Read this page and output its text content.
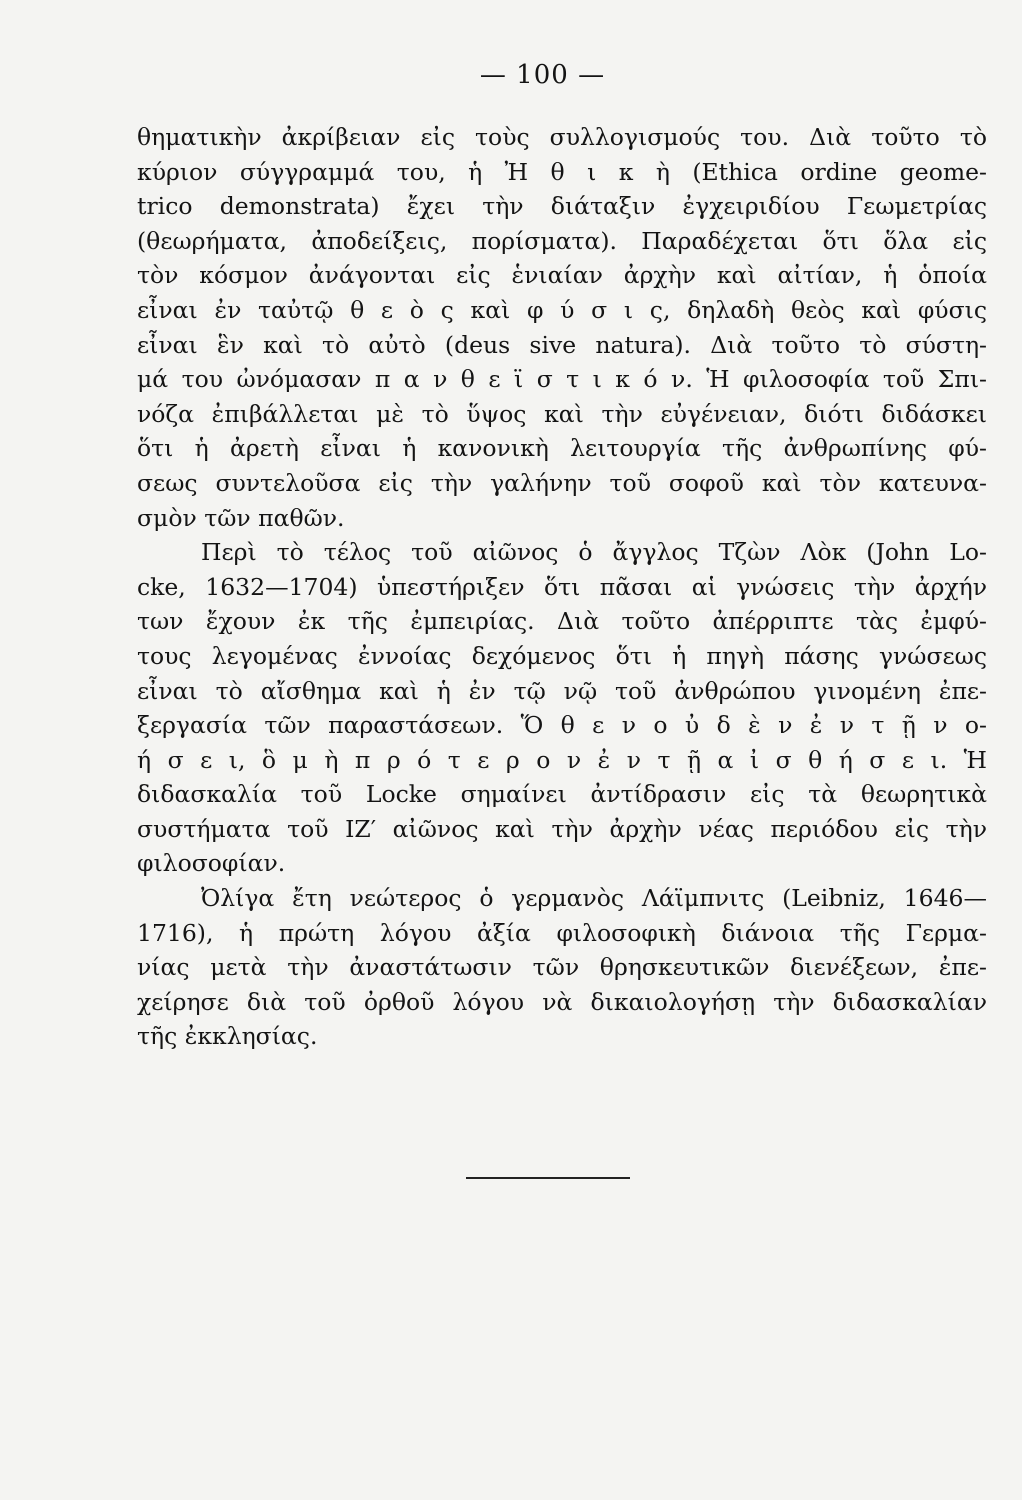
— 100 —
θηματικὴν ἀκρίβειαν εἰς τοὺς συλλογισμούς του. Διὰ τοῦτο τὸ
κύριον σύγγραμμά του, ἡ Ἠ θ ι κ ὴ (Ethica ordine geome-
trico demonstrata) ἔχει τὴν διάταξιν ἐγχειριδίου Γεωμετρίας
(θεωρήματα, ἀποδείξεις, πορίσματα). Παραδέχεται ὅτι ὅλα εἰς
τὸν κόσμον ἀνάγονται εἰς ἑνιαίαν ἀρχὴν καὶ αἰτίαν, ἡ ὁποία
εἶναι ἐν ταὐτῷ θ ε ὸ ς καὶ φ ύ σ ι ς, δηλαδὴ θεὸς καὶ φύσις
εἶναι ἓν καὶ τὸ αὐτὸ (deus sive natura). Διὰ τοῦτο τὸ σύστη-
μά του ὠνόμασαν π α ν θ ε ϊ σ τ ι κ ό ν. Ἡ φιλοσοφία τοῦ Σπι-
νόζα ἐπιβάλλεται μὲ τὸ ὕψος καὶ τὴν εὐγένειαν, διότι διδάσκει
ὅτι ἡ ἀρετὴ εἶναι ἡ κανονικὴ λειτουργία τῆς ἀνθρωπίνης φύ-
σεως συντελοῦσα εἰς τὴν γαλήνην τοῦ σοφοῦ καὶ τὸν κατευνα-
σμὸν τῶν παθῶν.
Περὶ τὸ τέλος τοῦ αἰῶνος ὁ ἄγγλος Τζὼν Λὸκ (John Lo-
cke, 1632—1704) ὑπεστήριξεν ὅτι πᾶσαι αἱ γνώσεις τὴν ἀρχήν
των ἔχουν ἐκ τῆς ἐμπειρίας. Διὰ τοῦτο ἀπέρριπτε τὰς ἐμφύ-
τους λεγομένας ἐννοίας δεχόμενος ὅτι ἡ πηγὴ πάσης γνώσεως
εἶναι τὸ αἴσθημα καὶ ἡ ἐν τῷ νῷ τοῦ ἀνθρώπου γινομένη ἐπε-
ξεργασία τῶν παραστάσεων. Ὅ θ ε ν ο ὐ δ ὲ ν ἐ ν τ ῇ ν ο-
ή σ ε ι, ὃ μ ὴ π ρ ό τ ε ρ ο ν ἐ ν τ ῇ α ἰ σ θ ή σ ε ι. Ἡ
διδασκαλία τοῦ Locke σημαίνει ἀντίδρασιν εἰς τὰ θεωρητικὰ
συστήματα τοῦ ΙΖ′ αἰῶνος καὶ τὴν ἀρχὴν νέας περιόδου εἰς τὴν
φιλοσοφίαν.
Ὀλίγα ἔτη νεώτερος ὁ γερμανὸς Λάϊμπνιτς (Leibniz, 1646—
1716), ἡ πρώτη λόγου ἀξία φιλοσοφικὴ διάνοια τῆς Γερμα-
νίας μετὰ τὴν ἀναστάτωσιν τῶν θρησκευτικῶν διενέξεων, ἐπε-
χείρησε διὰ τοῦ ὀρθοῦ λόγου νὰ δικαιολογήσῃ τὴν διδασκαλίαν
τῆς ἐκκλησίας.
